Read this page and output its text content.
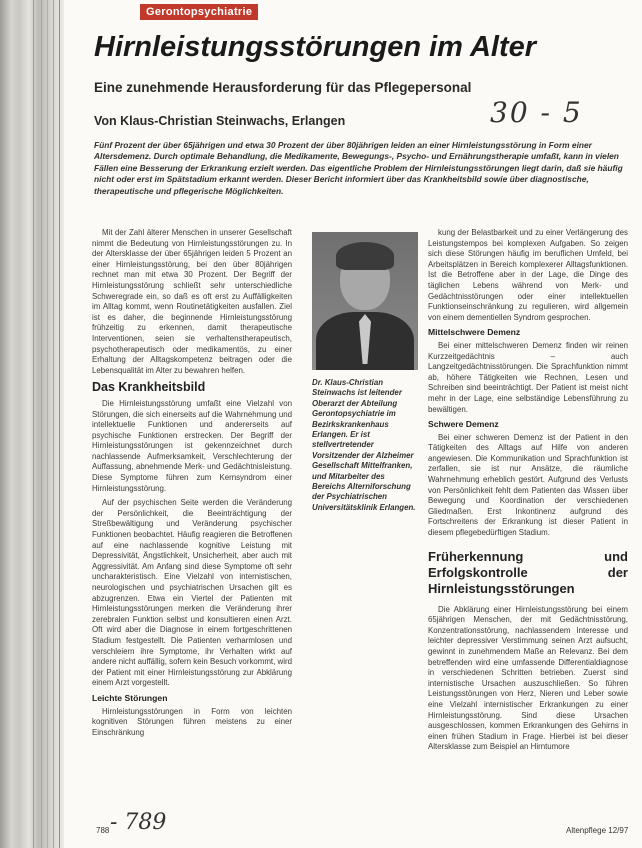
Gerontopsychiatrie
Hirnleistungsstörungen im Alter
Eine zunehmende Herausforderung für das Pflegepersonal
Von Klaus-Christian Steinwachs, Erlangen	30 - 5
Fünf Prozent der über 65jährigen und etwa 30 Prozent der über 80jährigen leiden an einer Hirnleistungsstörung in Form einer Altersdemenz. Durch optimale Behandlung, die Medikamente, Bewegungs-, Psycho- und Ernährungstherapie umfaßt, kann in vielen Fällen eine Besserung der Erkrankung erzielt werden. Das eigentliche Problem der Hirnleistungsstörungen liegt darin, daß sie häufig nicht oder erst im Spätstadium erkannt werden. Dieser Bericht informiert über das Krankheitsbild sowie über diagnostische, therapeutische und pflegerische Möglichkeiten.

Mit der Zahl älterer Menschen in unserer Gesellschaft nimmt die Bedeutung von Hirnleistungsstörungen zu. In der Altersklasse der über 65jährigen leiden 5 Prozent an einer Hirnleistungsstörung, bei den über 80jährigen rechnet man mit etwa 30 Prozent. Der Begriff der Hirnleistungsstörung schließt sehr unterschiedliche Schweregrade ein, so daß es oft erst zu Auffälligkeiten im Alltag kommt, wenn Routinetätigkeiten ausfallen. Ziel ist es daher, die beginnende Hirnleistungsstörung frühzeitig zu erkennen, damit therapeutische Interventionen, seien sie verhaltenstherapeutisch, psychotherapeutisch oder medikamentös, zu einer Erhaltung der Alltagskompetenz beitragen oder die Lebensqualität im Alter zu bewahren helfen.

Das Krankheitsbild

Die Hirnleistungsstörung umfaßt eine Vielzahl von Störungen, die sich einerseits auf die Wahrnehmung und intellektuelle Funktionen und andererseits auf psychische Funktionen erstrecken. Der Begriff der Hirnleistungsstörungen ist gekennzeichnet durch nachlassende Aufmerksamkeit, Verschlechterung der Auffassung, abnehmende Merk- und Gedächtnisleistung. Diese Symptome führen zum Kernsyndrom einer Hirnleistungsstörung.

Auf der psychischen Seite werden die Veränderung der Persönlichkeit, die Beeinträchtigung der Streßbewältigung und Veränderung psychischer Funktionen beobachtet. Häufig reagieren die Betroffenen auf eine nachlassende kognitive Leistung mit Depressivität, Ängstlichkeit, Unsicherheit, aber auch mit Aggressivität. Am Anfang sind diese Symptome oft sehr uncharakteristisch. Eine Vielzahl von internistischen, neurologischen und psychiatrischen Ursachen gilt es abzugrenzen. Etwa ein Viertel der Patienten mit Hirnleistungsstörungen merken die Veränderung ihrer zerebralen Funktion selbst und konsultieren einen Arzt. Oft wird aber die Diagnose in einem fortgeschrittenen Stadium festgestellt. Die Patienten verharmlosen und verschleiern ihre Symptome, ihr Verhalten wirkt auf andere nicht auffällig, sofern kein Besuch vorkommt, wird der Patient mit einer Hirnleistungsstörung zur Abklärung einem Arzt vorgestellt.

Leichte Störungen

Hirnleistungsstörungen in Form von leichten kognitiven Störungen führen meistens zu einer Einschränkung

Dr. Klaus-Christian Steinwachs ist leitender Oberarzt der Abteilung Gerontopsychiatrie im Bezirkskrankenhaus Erlangen. Er ist stellvertretender Vorsitzender der Alzheimer Gesellschaft Mittelfranken, und Mitarbeiter des Bereichs Alterniforschung der Psychiatrischen Universitätsklinik Erlangen.

kung der Belastbarkeit und zu einer Verlängerung des Leistungstempos bei komplexen Aufgaben. So zeigen sich diese Störungen häufig im beruflichen Umfeld, bei Arbeitsplätzen in Bereich komplexerer Alltagsfunktionen. Ist die Betroffene aber in der Lage, die Dinge des täglichen Lebens während von Merk- und Gedächtnisstörungen oder einer intellektuellen Funktionseinschränkung zu regulieren, wird allgemein von einem dementiellen Syndrom gesprochen.

Mittelschwere Demenz

Bei einer mittelschweren Demenz finden wir reinen Kurzzeitgedächtnis – auch Langzeitgedächtnisstörungen. Die Sprachfunktion nimmt ab, höhere Tätigkeiten wie Rechnen, Lesen und Schreiben sind beeinträchtigt. Der Patient ist meist nicht mehr in der Lage, eine selbständige Lebensführung zu bewältigen.

Schwere Demenz

Bei einer schweren Demenz ist der Patient in den Tätigkeiten des Alltags auf Hilfe von anderen angewiesen. Die Kommunikation und Sprachfunktion ist zerfallen, sie ist nur Ansätze, die räumliche Wahrnehmung erheblich gestört. Aufgrund des Verlusts von Persönlichkeit fehlt dem Patienten das Wissen über Bewegung und Koordination der verschiedenen Gliedmaßen. Erst Inkontinenz aufgrund des Fortschreitens der Erkrankung ist dieser Patient in diesem pflegebedürftigen Stadium.

Früherkennung und Erfolgskontrolle der Hirnleistungsstörungen

Die Abklärung einer Hirnleistungsstörung bei einem 65jährigen Menschen, der mit Gedächtnisstörung, Konzentrationsstörung, nachlassendem Interesse und leichter depressiver Verstimmung seinen Arzt aufsucht, gewinnt in zunehmendem Maße an Relevanz. Bei dem betreffenden wird eine umfassende Differentialdiagnose in verschiedenen Schritten betrieben. Zuerst sind internistische Ursachen auszuschließen. So führen Leistungsstörungen von Herz, Nieren und Leber sowie eine Vielzahl internistischer Erkrankungen zu einer Hirnleistungsstörung. Sind diese Ursachen ausgeschlossen, kommen Erkrankungen des Gehirns in einen frühen Stadium in Frage. Hierbei ist bei dieser Altersklasse zum Beispiel an Hirntumore

- 789
788	Altenpflege 12/97
